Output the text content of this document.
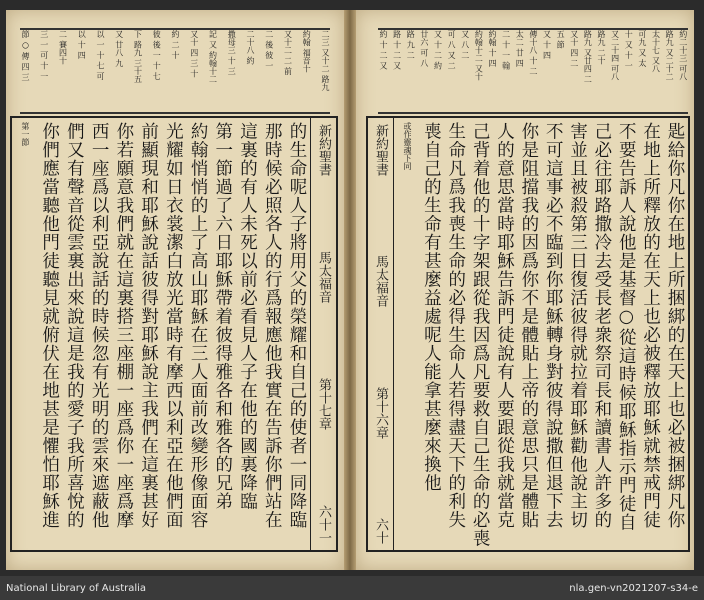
二三 又十二 路九
約翰 福音十
又十二 二 前
二 後 彼 一
二十八 約
撒母三 十 三
記 又 約翰十二
又十 四 三 十
約 二 十
彼 後 一 十 七
下 路九 三十五
又 廿八 九
以 一 十 七 可
以 十 四
二 賽四十
三 一 可 十 一
節 ○ 傳 四 三
新約聖書
馬太福音
第十七章
六十一
的生命呢人子將用父的榮耀和自己的使者一同降臨
那時候必照各人的行爲報應他我實在告訴你們站在
這裏的有人未死以前必看見人子在他的國裏降臨
第一節過了六日耶穌帶着彼得雅各和雅各的兄弟
約翰悄悄的上了高山耶穌在三人面前改變形像面容
光耀如日衣裳潔白放光當時有摩西以利亞在他們面
前顯現和耶穌說話彼得對耶穌說主我們在這裏甚好
你若願意我們就在這裏搭三座棚一座爲你一座爲摩
西一座爲以利亞說話的時候忽有光明的雲來遮蔽他
們又有聲音從雲裏出來說這是我的愛子我所喜悅的
你們應當聽他門徒聽見就俯伏在地甚是懼怕耶穌進
第一節
約二十三 可八
路九 又二十二
太十七 又八
可九 又 太
十 又 十 一
又二十四 可八
路九 二十
路九 又廿四 二
又十 四 二
五 節
又 十 四
傳十八 十 二
太二 廿 四
二 十 一 翰
約翰 十 四
約翰十二 又十
又 八 二
可 八 又 二
又 十 二 約
廿六 可 八
路 九 二
路 十 二 又
約 十 二 又
匙給你凡你在地上所捆綁的在天上也必被捆綁凡你
在地上所釋放的在天上也必被釋放耶穌就禁戒門徒
不要告訴人說他是基督○從這時候耶穌指示門徒自
己必往耶路撒冷去受長老衆祭司長和讀書人許多的
害並且被殺第三日復活彼得就拉着耶穌勸他說主切
不可這事必不臨到你耶穌轉身對彼得說撒但退下去
你是阻擋我的因爲你不是體貼上帝的意思只是體貼
人的意思當時耶穌告訴門徒說有人要跟從我就當克
己背着他的十字架跟從我因爲凡要救自己生命的必喪
生命凡爲我喪生命的必得生命人若得盡天下的利失
喪自己的生命有甚麼益處呢人能拿甚麼來換他
或作靈魂下同
新約聖書
馬太福音
第十六章
六十
National Library of Australia	nla.gen-vn2021207-s34-e
